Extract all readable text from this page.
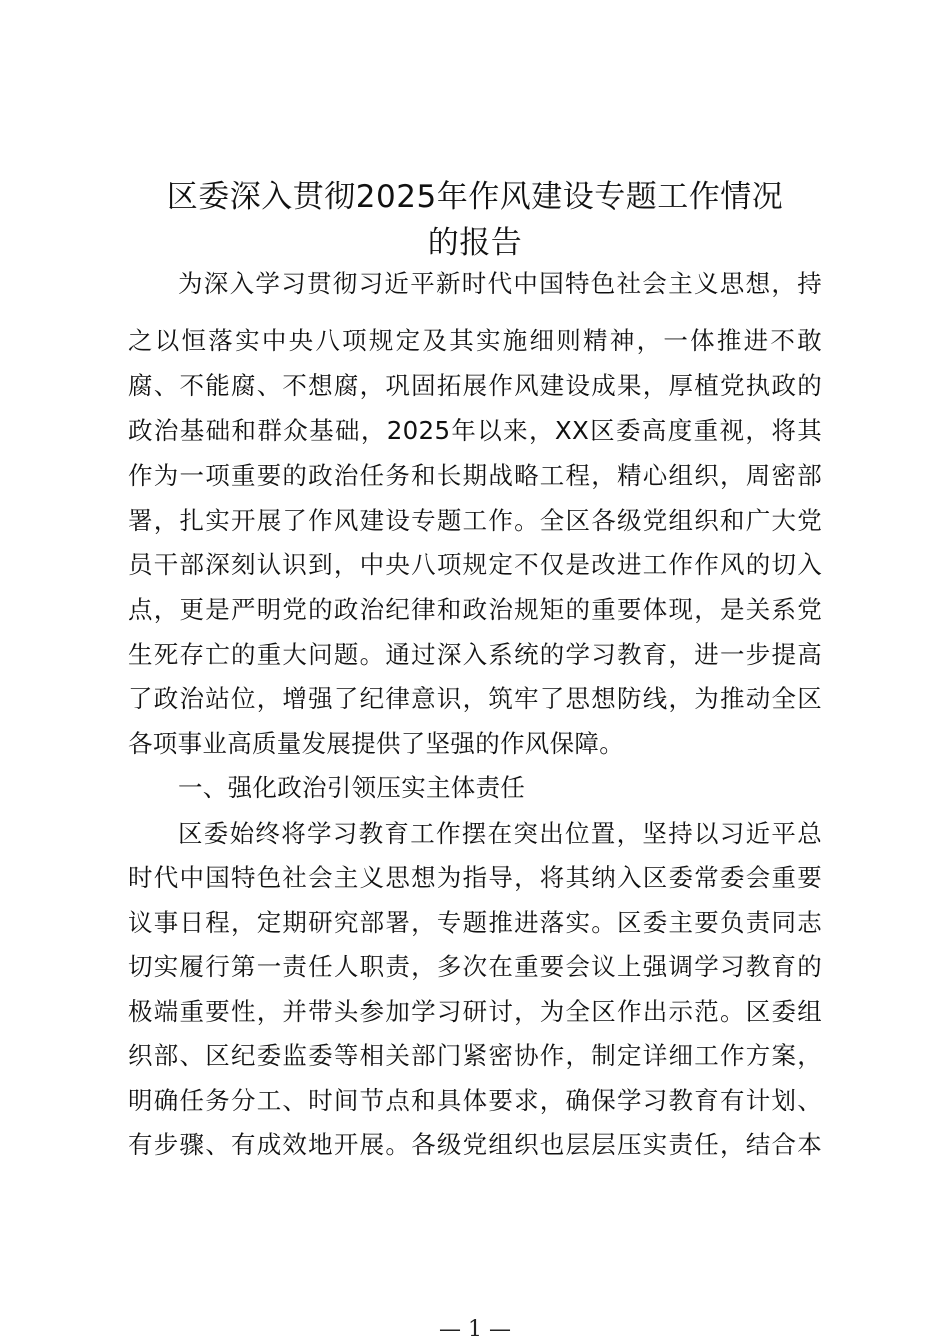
区委深入贯彻2025年作风建设专题工作情况
的报告
为深入学习贯彻习近平新时代中国特色社会主义思想，持
之以恒落实中央八项规定及其实施细则精神，一体推进不敢
腐、不能腐、不想腐，巩固拓展作风建设成果，厚植党执政的
政治基础和群众基础，2025年以来，XX区委高度重视，将其
作为一项重要的政治任务和长期战略工程，精心组织，周密部
署，扎实开展了作风建设专题工作。全区各级党组织和广大党
员干部深刻认识到，中央八项规定不仅是改进工作作风的切入
点，更是严明党的政治纪律和政治规矩的重要体现，是关系党
生死存亡的重大问题。通过深入系统的学习教育，进一步提高
了政治站位，增强了纪律意识，筑牢了思想防线，为推动全区
各项事业高质量发展提供了坚强的作风保障。
一、强化政治引领压实主体责任
区委始终将学习教育工作摆在突出位置，坚持以习近平总
时代中国特色社会主义思想为指导，将其纳入区委常委会重要
议事日程，定期研究部署，专题推进落实。区委主要负责同志
切实履行第一责任人职责，多次在重要会议上强调学习教育的
极端重要性，并带头参加学习研讨，为全区作出示范。区委组
织部、区纪委监委等相关部门紧密协作，制定详细工作方案，
明确任务分工、时间节点和具体要求，确保学习教育有计划、
有步骤、有成效地开展。各级党组织也层层压实责任，结合本
— 1 —
